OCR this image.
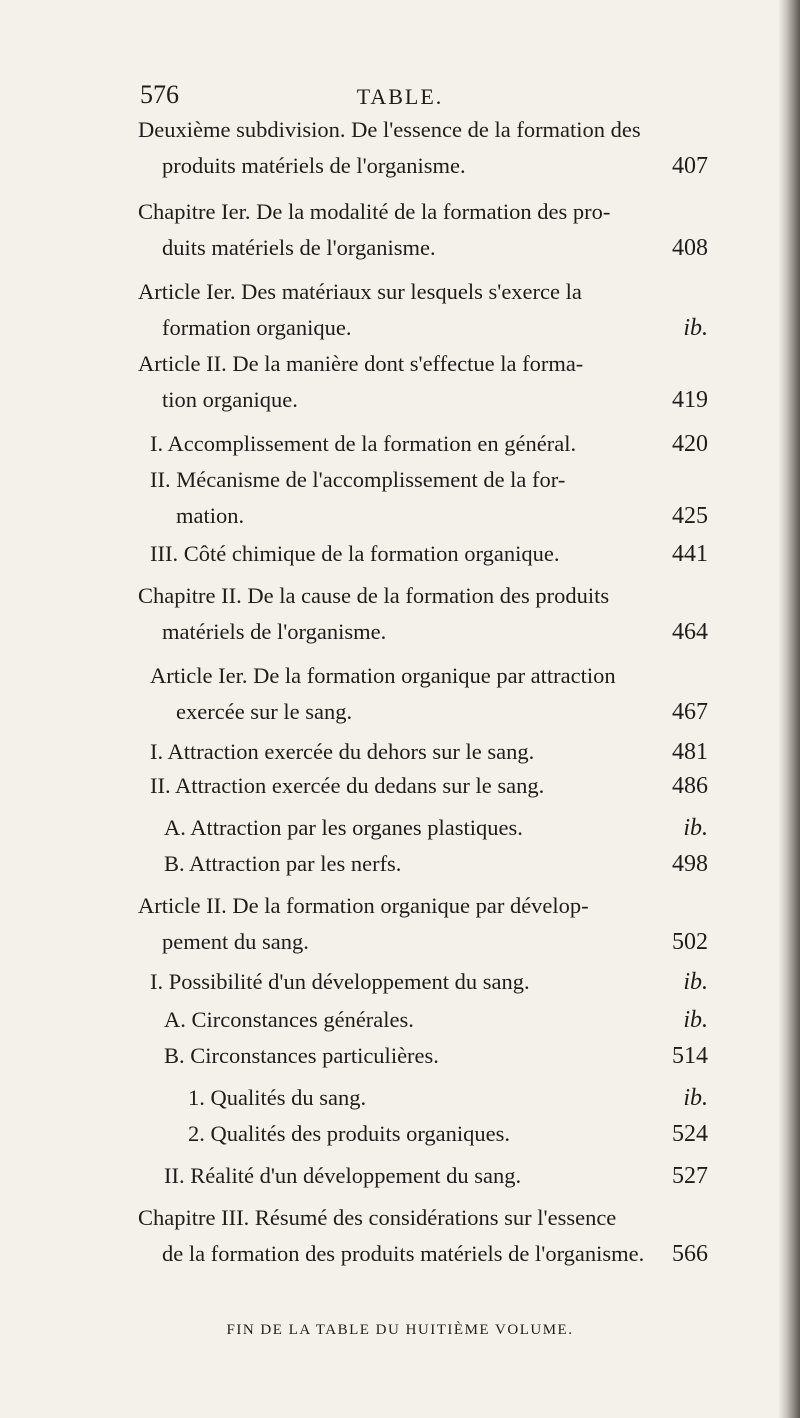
576	TABLE.
Deuxième subdivision. De l'essence de la formation des
produits matériels de l'organisme.	407
Chapitre Ier. De la modalité de la formation des pro-
duits matériels de l'organisme.	408
Article Ier. Des matériaux sur lesquels s'exerce la
formation organique.	ib.
Article II. De la manière dont s'effectue la forma-
tion organique.	419
I. Accomplissement de la formation en général.	420
II. Mécanisme de l'accomplissement de la for-
mation.	425
III. Côté chimique de la formation organique.	441
Chapitre II. De la cause de la formation des produits
matériels de l'organisme.	464
Article Ier. De la formation organique par attraction
exercée sur le sang.	467
I. Attraction exercée du dehors sur le sang.	481
II. Attraction exercée du dedans sur le sang.	486
A. Attraction par les organes plastiques.	ib.
B. Attraction par les nerfs.	498
Article II. De la formation organique par dévelop-
pement du sang.	502
I. Possibilité d'un développement du sang.	ib.
A. Circonstances générales.	ib.
B. Circonstances particulières.	514
1. Qualités du sang.	ib.
2. Qualités des produits organiques.	524
II. Réalité d'un développement du sang.	527
Chapitre III. Résumé des considérations sur l'essence
de la formation des produits matériels de l'organisme. 566
FIN DE LA TABLE DU HUITIÈME VOLUME.
